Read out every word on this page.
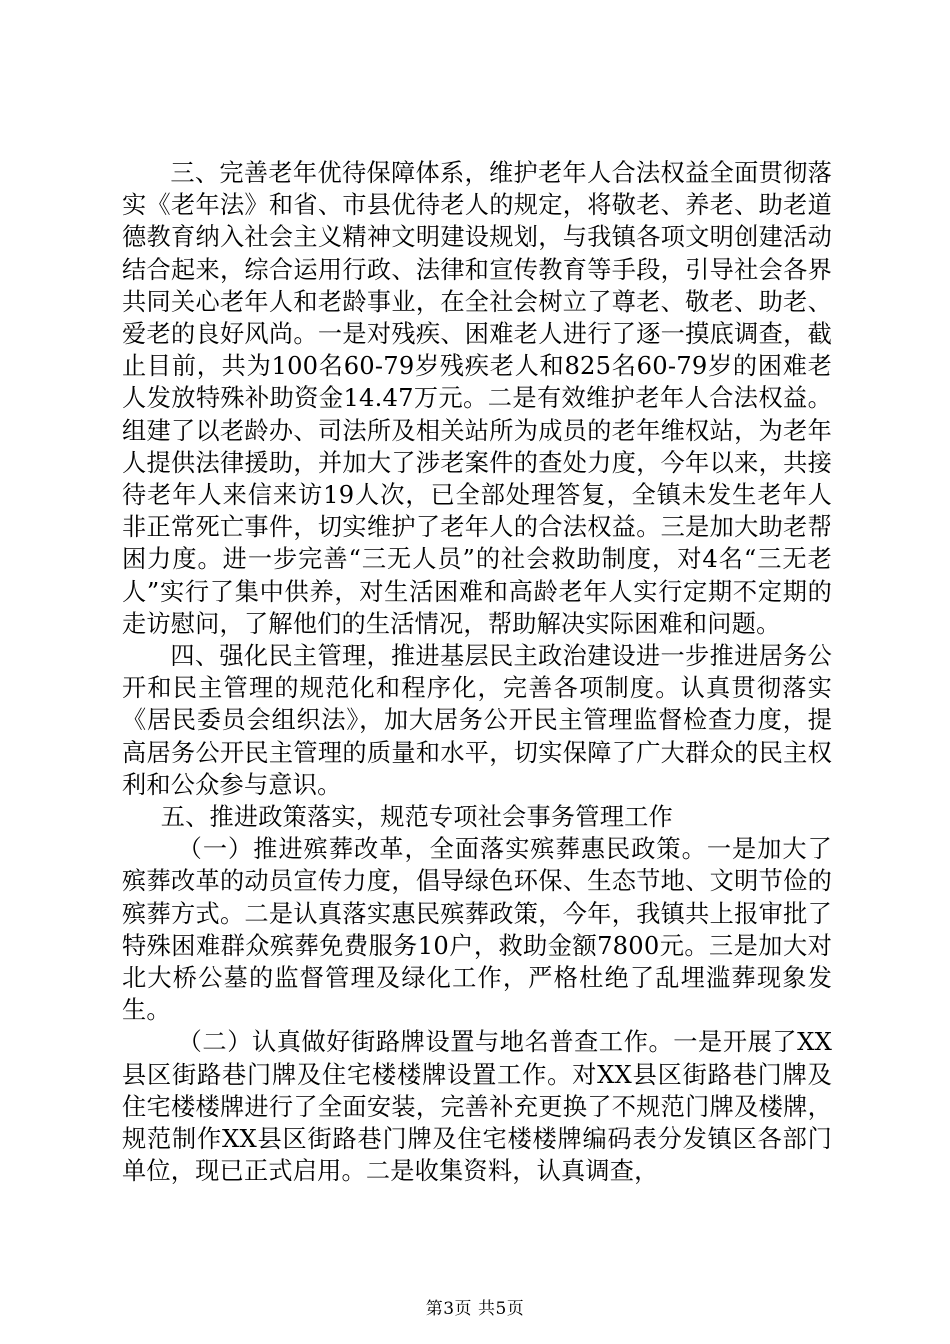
三、完善老年优待保障体系，维护老年人合法权益全面贯彻落实《老年法》和省、市县优待老人的规定，将敬老、养老、助老道德教育纳入社会主义精神文明建设规划，与我镇各项文明创建活动结合起来，综合运用行政、法律和宣传教育等手段，引导社会各界共同关心老年人和老龄事业，在全社会树立了尊老、敬老、助老、爱老的良好风尚。一是对残疾、困难老人进行了逐一摸底调查，截止目前，共为100名60-79岁残疾老人和825名60-79岁的困难老人发放特殊补助资金14.47万元。二是有效维护老年人合法权益。组建了以老龄办、司法所及相关站所为成员的老年维权站，为老年人提供法律援助，并加大了涉老案件的查处力度，今年以来，共接待老年人来信来访19人次，已全部处理答复，全镇未发生老年人非正常死亡事件，切实维护了老年人的合法权益。三是加大助老帮困力度。进一步完善“三无人员”的社会救助制度，对4名“三无老人”实行了集中供养，对生活困难和高龄老年人实行定期不定期的走访慰问，了解他们的生活情况，帮助解决实际困难和问题。

四、强化民主管理，推进基层民主政治建设进一步推进居务公开和民主管理的规范化和程序化，完善各项制度。认真贯彻落实《居民委员会组织法》，加大居务公开民主管理监督检查力度，提高居务公开民主管理的质量和水平，切实保障了广大群众的民主权利和公众参与意识。

五、推进政策落实，规范专项社会事务管理工作

（一）推进殡葬改革，全面落实殡葬惠民政策。一是加大了殡葬改革的动员宣传力度，倡导绿色环保、生态节地、文明节俭的殡葬方式。二是认真落实惠民殡葬政策，今年，我镇共上报审批了特殊困难群众殡葬免费服务10户，救助金额7800元。三是加大对北大桥公墓的监督管理及绿化工作，严格杜绝了乱埋滥葬现象发生。

（二）认真做好街路牌设置与地名普查工作。一是开展了XX县区街路巷门牌及住宅楼楼牌设置工作。对XX县区街路巷门牌及住宅楼楼牌进行了全面安装，完善补充更换了不规范门牌及楼牌，规范制作XX县区街路巷门牌及住宅楼楼牌编码表分发镇区各部门单位，现已正式启用。二是收集资料，认真调查，

第3页 共5页
